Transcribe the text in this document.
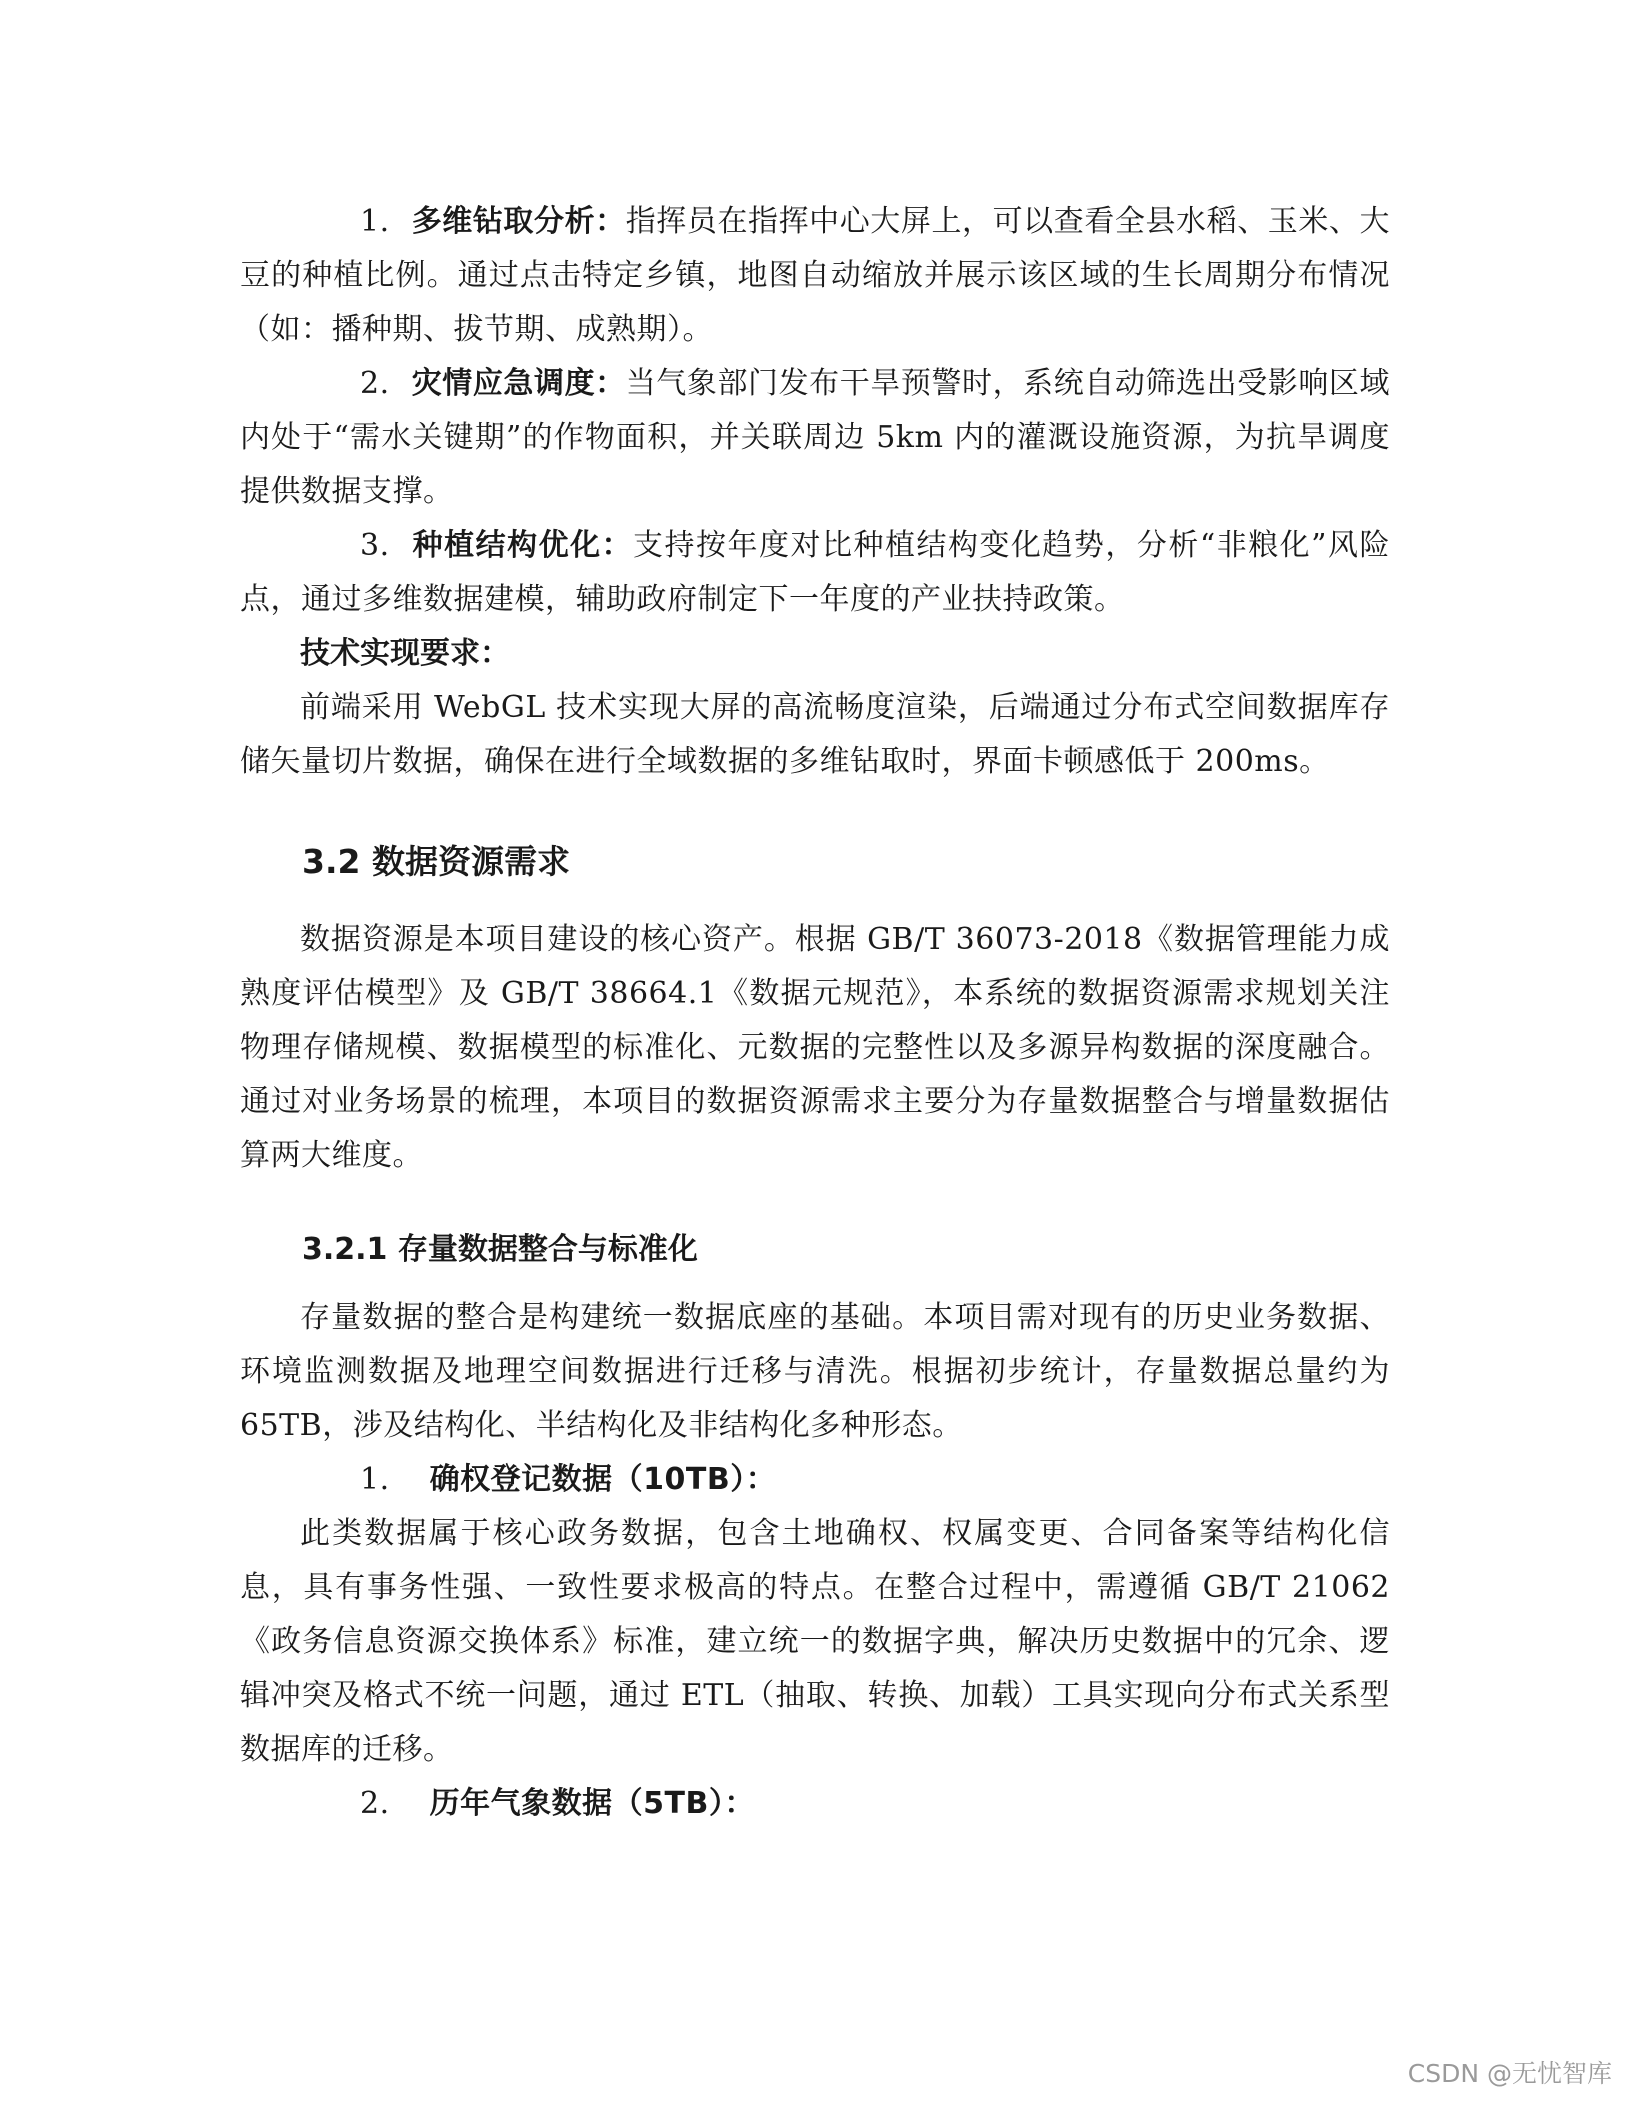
1. 多维钻取分析：指挥员在指挥中心大屏上，可以查看全县水稻、玉米、大豆的种植比例。通过点击特定乡镇，地图自动缩放并展示该区域的生长周期分布情况（如：播种期、拔节期、成熟期）。

2. 灾情应急调度：当气象部门发布干旱预警时，系统自动筛选出受影响区域内处于“需水关键期”的作物面积，并关联周边 5km 内的灌溉设施资源，为抗旱调度提供数据支撑。

3. 种植结构优化：支持按年度对比种植结构变化趋势，分析“非粮化”风险点，通过多维数据建模，辅助政府制定下一年度的产业扶持政策。

技术实现要求：

前端采用 WebGL 技术实现大屏的高流畅度渲染，后端通过分布式空间数据库存储矢量切片数据，确保在进行全域数据的多维钻取时，界面卡顿感低于 200ms。

3.2 数据资源需求

数据资源是本项目建设的核心资产。根据 GB/T 36073-2018《数据管理能力成熟度评估模型》及 GB/T 38664.1《数据元规范》，本系统的数据资源需求规划关注物理存储规模、数据模型的标准化、元数据的完整性以及多源异构数据的深度融合。通过对业务场景的梳理，本项目的数据资源需求主要分为存量数据整合与增量数据估算两大维度。

3.2.1 存量数据整合与标准化

存量数据的整合是构建统一数据底座的基础。本项目需对现有的历史业务数据、环境监测数据及地理空间数据进行迁移与清洗。根据初步统计，存量数据总量约为 65TB，涉及结构化、半结构化及非结构化多种形态。

1. 确权登记数据（10TB）：

此类数据属于核心政务数据，包含土地确权、权属变更、合同备案等结构化信息，具有事务性强、一致性要求极高的特点。在整合过程中，需遵循 GB/T 21062《政务信息资源交换体系》标准，建立统一的数据字典，解决历史数据中的冗余、逻辑冲突及格式不统一问题，通过 ETL（抽取、转换、加载）工具实现向分布式关系型数据库的迁移。

2. 历年气象数据（5TB）：

CSDN @无忧智库
